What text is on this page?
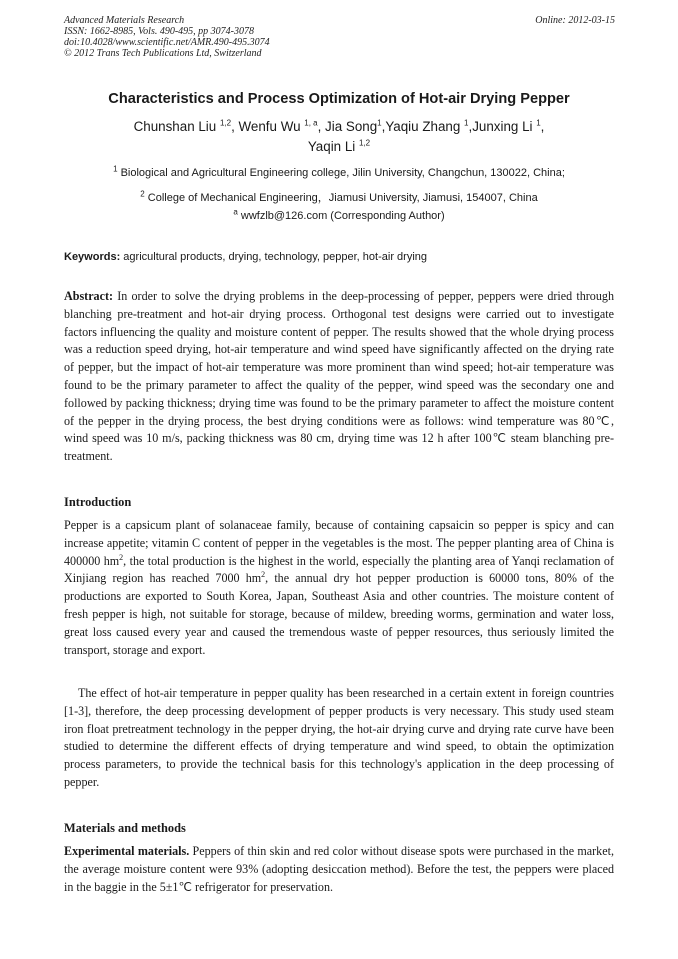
Advanced Materials Research
ISSN: 1662-8985, Vols. 490-495, pp 3074-3078
doi:10.4028/www.scientific.net/AMR.490-495.3074
© 2012 Trans Tech Publications Ltd, Switzerland
Online: 2012-03-15
Characteristics and Process Optimization of Hot-air Drying Pepper
Chunshan Liu $^{1,2}$, Wenfu Wu $^{1, a}$, Jia Song$^1$,Yaqiu Zhang $^1$,Junxing Li $^1$,
Yaqin Li $^{1,2}$
$^1$ Biological and Agricultural Engineering college, Jilin University, Changchun, 130022, China;
$^2$ College of Mechanical Engineering，Jiamusi University, Jiamusi, 154007, China
$^a$ wwfzlb@126.com (Corresponding Author)
Keywords: agricultural products, drying, technology, pepper, hot-air drying
Abstract: In order to solve the drying problems in the deep-processing of pepper, peppers were dried through blanching pre-treatment and hot-air drying process. Orthogonal test designs were carried out to investigate factors influencing the quality and moisture content of pepper. The results showed that the whole drying process was a reduction speed drying, hot-air temperature and wind speed have significantly affected on the drying rate of pepper, but the impact of hot-air temperature was more prominent than wind speed; hot-air temperature was found to be the primary parameter to affect the quality of the pepper, wind speed was the secondary one and followed by packing thickness; drying time was found to be the primary parameter to affect the moisture content of the pepper in the drying process, the best drying conditions were as follows: wind temperature was 80℃, wind speed was 10 m/s, packing thickness was 80 cm, drying time was 12 h after 100℃ steam blanching pre-treatment.
Introduction
Pepper is a capsicum plant of solanaceae family, because of containing capsaicin so pepper is spicy and can increase appetite; vitamin C content of pepper in the vegetables is the most. The pepper planting area of China is 400000 $hm^2$, the total production is the highest in the world, especially the planting area of Yanqi reclamation of Xinjiang region has reached 7000 $hm^2$, the annual dry hot pepper production is 60000 tons, 80% of the productions are exported to South Korea, Japan, Southeast Asia and other countries. The moisture content of fresh pepper is high, not suitable for storage, because of mildew, breeding worms, germination and water loss, great loss caused every year and caused the tremendous waste of pepper resources, thus seriously limited the transport, storage and export.
The effect of hot-air temperature in pepper quality has been researched in a certain extent in foreign countries [1-3], therefore, the deep processing development of pepper products is very necessary. This study used steam iron float pretreatment technology in the pepper drying, the hot-air drying curve and drying rate curve have been studied to determine the different effects of drying temperature and wind speed, to obtain the optimization process parameters, to provide the technical basis for this technology's application in the deep processing of pepper.
Materials and methods
Experimental materials. Peppers of thin skin and red color without disease spots were purchased in the market, the average moisture content were 93% (adopting desiccation method). Before the test, the peppers were placed in the baggie in the 5±1℃ refrigerator for preservation.
